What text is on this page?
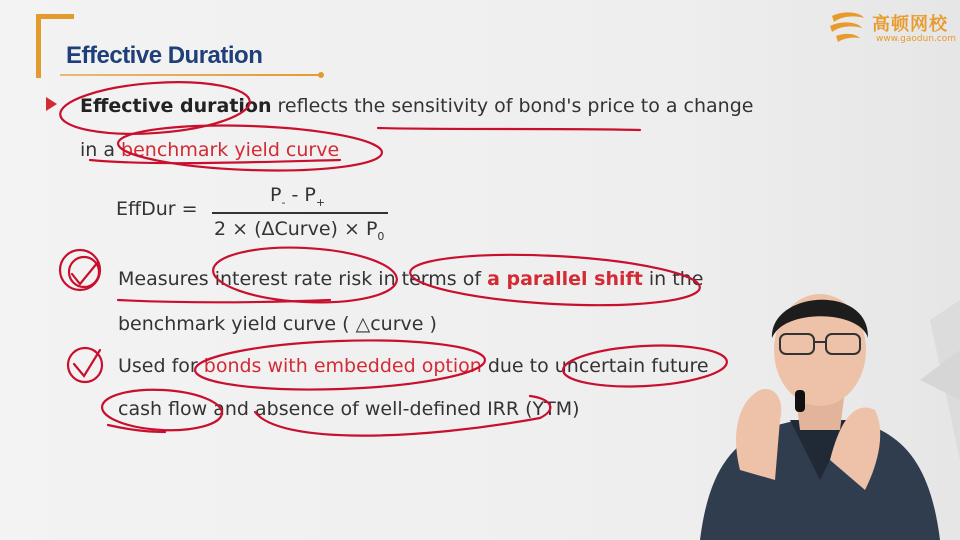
Effective Duration
高顿网校
www.gaodun.com
Effective duration reflects the sensitivity of bond's price to a change
in a benchmark yield curve
EffDur =
$P_- - P_+$
2 × (ΔCurve) × $P_0$
Measures interest rate risk in terms of a parallel shift in the
benchmark yield curve ( △curve )
Used for bonds with embedded option due to uncertain future
cash flow and absence of well-defined IRR (YTM)
